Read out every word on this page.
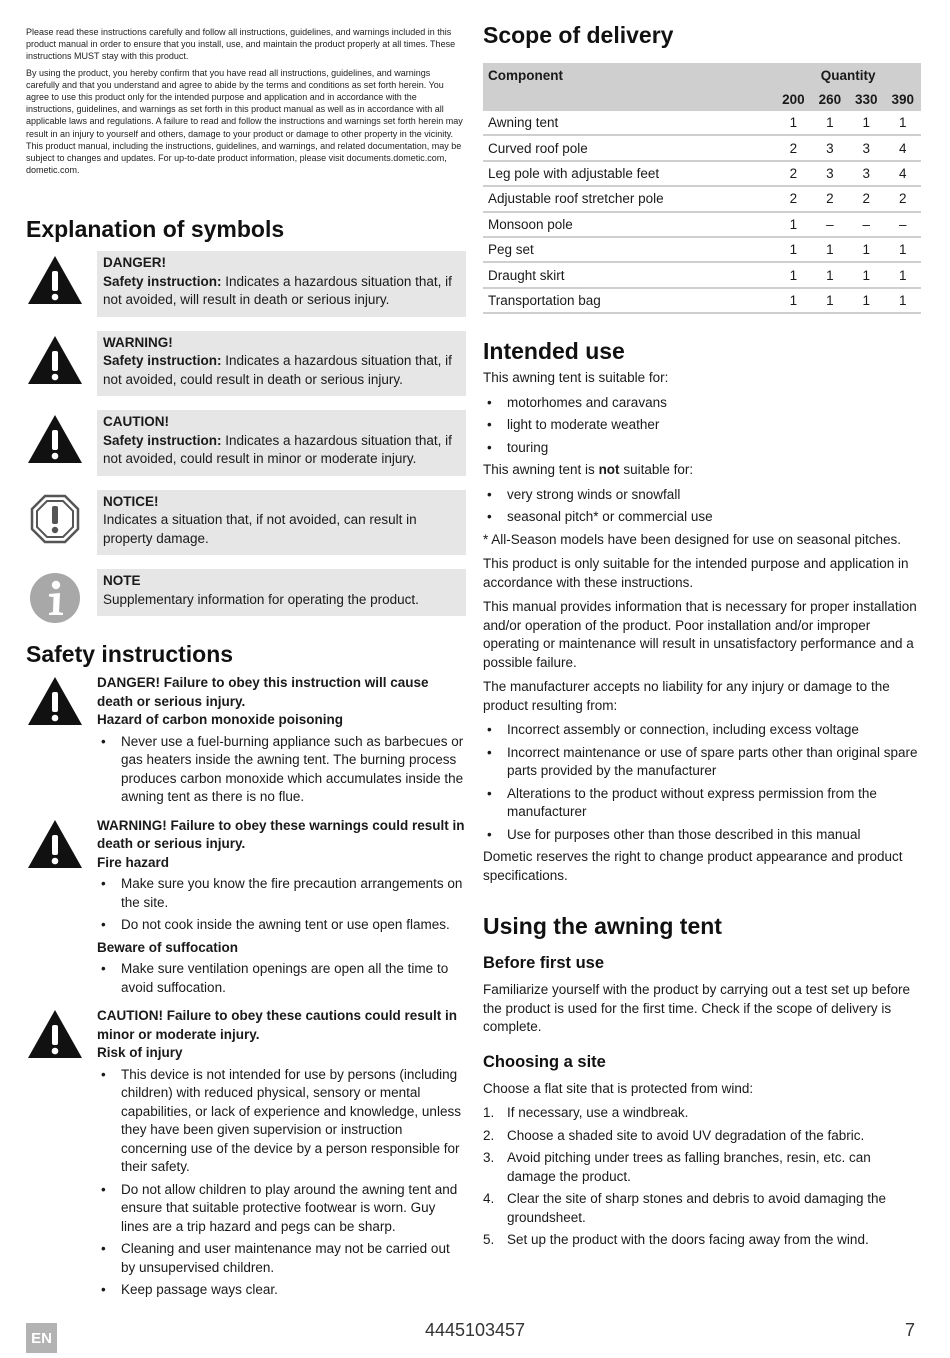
Please read these instructions carefully and follow all instructions, guidelines, and warnings included in this product manual in order to ensure that you install, use, and maintain the product properly at all times. These instructions MUST stay with this product.

By using the product, you hereby confirm that you have read all instructions, guidelines, and warnings carefully and that you understand and agree to abide by the terms and conditions as set forth herein. You agree to use this product only for the intended purpose and application and in accordance with the instructions, guidelines, and warnings as set forth in this product manual as well as in accordance with all applicable laws and regulations. A failure to read and follow the instructions and warnings set forth herein may result in an injury to yourself and others, damage to your product or damage to other property in the vicinity. This product manual, including the instructions, guidelines, and warnings, and related documentation, may be subject to changes and updates. For up-to-date product information, please visit documents.dometic.com, dometic.com.

Explanation of symbols
DANGER!
Safety instruction: Indicates a hazardous situation that, if not avoided, will result in death or serious injury.
WARNING!
Safety instruction: Indicates a hazardous situation that, if not avoided, could result in death or serious injury.
CAUTION!
Safety instruction: Indicates a hazardous situation that, if not avoided, could result in minor or moderate injury.
NOTICE!
Indicates a situation that, if not avoided, can result in property damage.
NOTE
Supplementary information for operating the product.
Safety instructions
DANGER! Failure to obey this instruction will cause death or serious injury.
Hazard of carbon monoxide poisoning
• Never use a fuel-burning appliance such as barbecues or gas heaters inside the awning tent. The burning process produces carbon monoxide which accumulates inside the awning tent as there is no flue.
WARNING! Failure to obey these warnings could result in death or serious injury.
Fire hazard
• Make sure you know the fire precaution arrangements on the site.
• Do not cook inside the awning tent or use open flames.
Beware of suffocation
• Make sure ventilation openings are open all the time to avoid suffocation.
CAUTION! Failure to obey these cautions could result in minor or moderate injury.
Risk of injury
• This device is not intended for use by persons (including children) with reduced physical, sensory or mental capabilities, or lack of experience and knowledge, unless they have been given supervision or instruction concerning use of the device by a person responsible for their safety.
• Do not allow children to play around the awning tent and ensure that suitable protective footwear is worn. Guy lines are a trip hazard and pegs can be sharp.
• Cleaning and user maintenance may not be carried out by unsupervised children.
• Keep passage ways clear.
Scope of delivery
Component	Quantity			
	200	260	330	390
Awning tent	1	1	1	1
Curved roof pole	2	3	3	4
Leg pole with adjustable feet	2	3	3	4
Adjustable roof stretcher pole	2	2	2	2
Monsoon pole	1	–	–	–
Peg set	1	1	1	1
Draught skirt	1	1	1	1
Transportation bag	1	1	1	1
Intended use

This awning tent is suitable for:

• motorhomes and caravans
• light to moderate weather
• touring

This awning tent is not suitable for:

• very strong winds or snowfall
• seasonal pitch* or commercial use

* All-Season models have been designed for use on seasonal pitches.

This product is only suitable for the intended purpose and application in accordance with these instructions.

This manual provides information that is necessary for proper installation and/or operation of the product. Poor installation and/or improper operating or maintenance will result in unsatisfactory performance and a possible failure.

The manufacturer accepts no liability for any injury or damage to the product resulting from:

• Incorrect assembly or connection, including excess voltage
• Incorrect maintenance or use of spare parts other than original spare parts provided by the manufacturer
• Alterations to the product without express permission from the manufacturer
• Use for purposes other than those described in this manual

Dometic reserves the right to change product appearance and product specifications.

Using the awning tent
Before first use

Familiarize yourself with the product by carrying out a test set up before the product is used for the first time. Check if the scope of delivery is complete.

Choosing a site

Choose a flat site that is protected from wind:

1. If necessary, use a windbreak.
2. Choose a shaded site to avoid UV degradation of the fabric.
3. Avoid pitching under trees as falling branches, resin, etc. can damage the product.
4. Clear the site of sharp stones and debris to avoid damaging the groundsheet.
5. Set up the product with the doors facing away from the wind.
EN	4445103457	7
